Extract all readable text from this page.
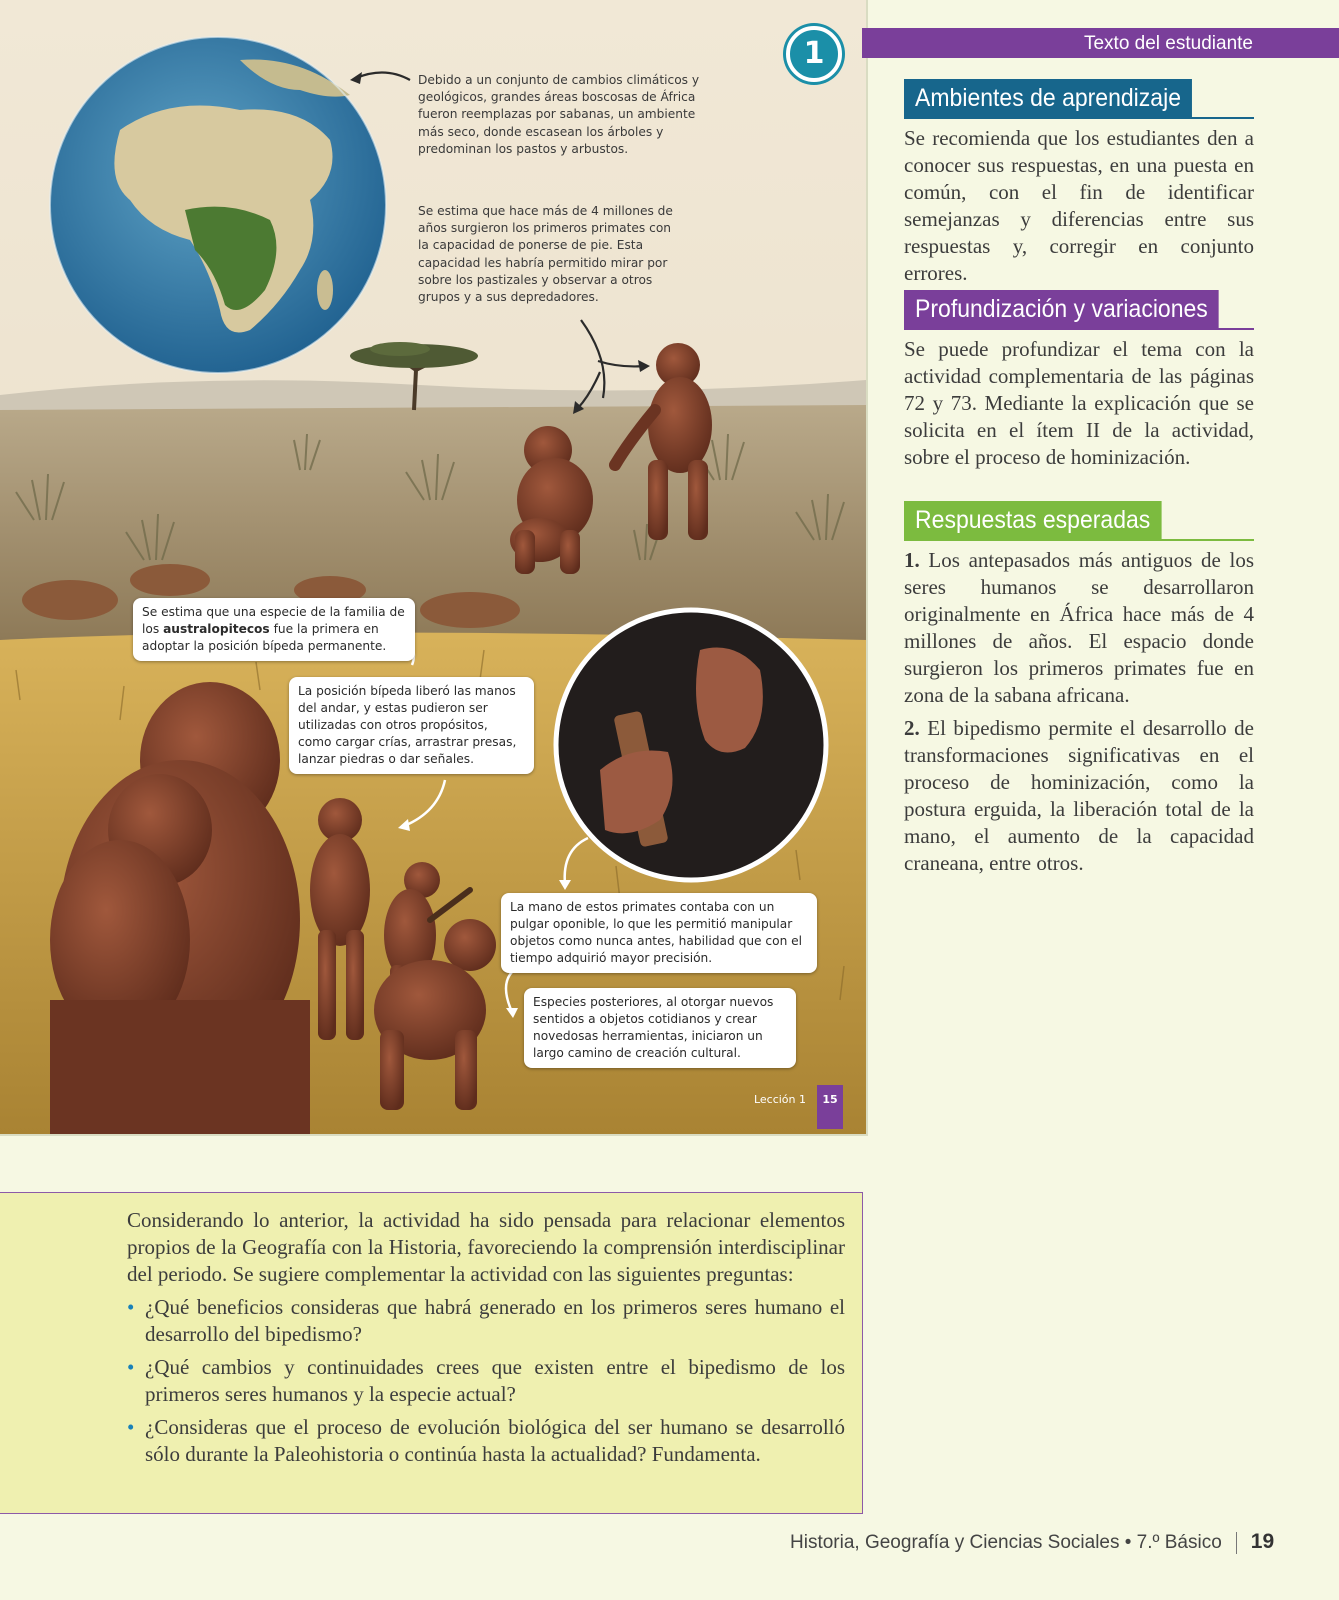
1
Debido a un conjunto de cambios climáticos y geológicos, grandes áreas boscosas de África fueron reemplazas por sabanas, un ambiente más seco, donde escasean los árboles y predominan los pastos y arbustos.
Se estima que hace más de 4 millones de años surgieron los primeros primates con la capacidad de ponerse de pie. Esta capacidad les habría permitido mirar por sobre los pastizales y observar a otros grupos y a sus depredadores.
Se estima que una especie de la familia de los australopitecos fue la primera en adoptar la posición bípeda permanente.
La posición bípeda liberó las manos del andar, y estas pudieron ser utilizadas con otros propósitos, como cargar crías, arrastrar presas, lanzar piedras o dar señales.
La mano de estos primates contaba con un pulgar oponible, lo que les permitió manipular objetos como nunca antes, habilidad que con el tiempo adquirió mayor precisión.
Especies posteriores, al otorgar nuevos sentidos a objetos cotidianos y crear novedosas herramientas, iniciaron un largo camino de creación cultural.
Lección 1	15
Texto del estudiante
Ambientes de aprendizaje

Se recomienda que los estudiantes den a conocer sus respuestas, en una puesta en común, con el fin de identificar semejanzas y diferencias entre sus respuestas y, corregir en conjunto errores.

Profundización y variaciones

Se puede profundizar el tema con la actividad complementaria de las páginas 72 y 73. Mediante la explicación que se solicita en el ítem II de la actividad, sobre el proceso de hominización.

Respuestas esperadas

1. Los antepasados más antiguos de los seres humanos se desarrollaron originalmente en África hace más de 4 millones de años. El espacio donde surgieron los primeros primates fue en zona de la sabana africana.

2. El bipedismo permite el desarrollo de transformaciones significativas en el proceso de hominización, como la postura erguida, la liberación total de la mano, el aumento de la capacidad craneana, entre otros.

Considerando lo anterior, la actividad ha sido pensada para relacionar elementos propios de la Geografía con la Historia, favoreciendo la comprensión interdisciplinar del periodo. Se sugiere complementar la actividad con las siguientes preguntas:

• ¿Qué beneficios consideras que habrá generado en los primeros seres humano el desarrollo del bipedismo?
• ¿Qué cambios y continuidades crees que existen entre el bipedismo de los primeros seres humanos y la especie actual?
• ¿Consideras que el proceso de evolución biológica del ser humano se desarrolló sólo durante la Paleohistoria o continúa hasta la actualidad? Fundamenta.
Historia, Geografía y Ciencias Sociales • 7.º Básico 19
